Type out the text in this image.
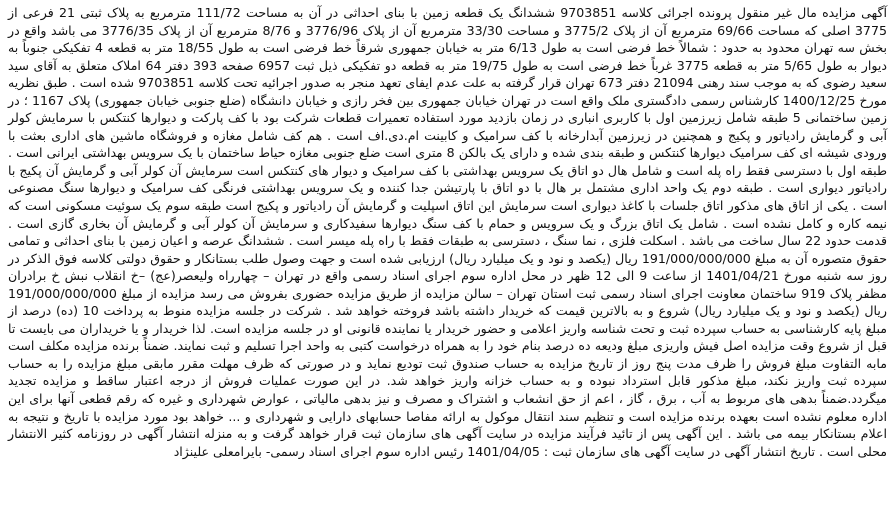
آگهی مزایده مال غیر منقول پرونده اجرائی کلاسه 9703851 ششدانگ یک قطعه زمین با بنای احداثی در آن به مساحت 111/72 مترمربع به پلاک ثبتی 21 فرعی از 3775 اصلی که مساحت 69/66 مترمربع آن از پلاک 3775/2 و مساحت 33/30 مترمربع آن از پلاک 3776/96 و 8/76 مترمربع آن از پلاک 3776/35 می باشد واقع در بخش سه تهران محدود به حدود : شمالاً خط فرضی است به طول 6/13 متر به خیابان جمهوری شرقاً خط فرضی است به طول 18/55 متر به قطعه 4 تفکیکی جنوباً به دیوار به طول 5/65 متر به قطعه 3775 غرباً خط فرضی است به طول 19/75 متر به قطعه دو تفکیکی ذیل ثبت 6957 صفحه 393 دفتر 64 املاک متعلق به آقای سید سعید رضوی که به موجب سند رهنی 21094 دفتر 673 تهران قرار گرفته به علت عدم ایفای تعهد منجر به صدور اجرائیه تحت کلاسه 9703851 شده است . طبق نظریه مورخ 1400/12/25 کارشناس رسمی دادگستری ملک واقع است در تهران خیابان جمهوری بین فخر رازی و خیابان دانشگاه (ضلع جنوبی خیابان جمهوری) پلاک 1167 ؛ در زمین ساختمانی 5 طبقه شامل زیرزمین اول با کاربری انباری در زمان بازدید مورد استفاده تعمیرات قطعات شرکت بود با کف پارکت و دیوارها کنتکس با سرمایش کولر آبی و گرمایش رادیاتور و پکیج و همچنین در زیرزمین آبدارخانه با کف سرامیک و کابینت ام.دی.اف است . هم کف شامل مغازه و فروشگاه ماشین های اداری بعثت با ورودی شیشه ای کف سرامیک دیوارها کنتکس و طبقه بندی شده و دارای یک بالکن 8 متری است ضلع جنوبی مغازه حیاط ساختمان با یک سرویس بهداشتی ایرانی است . طبقه اول با دسترسی فقط راه پله است و شامل هال دو اتاق یک سرویس بهداشتی با کف سرامیک و دیوار های کنتکس است سرمایش آن کولر آبی و گرمایش آن پکیج با رادیاتور دیواری است . طبقه دوم یک واحد اداری مشتمل بر هال با دو اتاق با پارتیشن جدا کننده و یک سرویس بهداشتی فرنگی کف سرامیک و دیوارها سنگ مصنوعی است . یکی از اتاق های مذکور اتاق جلسات با کاغذ دیواری است سرمایش این اتاق اسپلیت و گرمایش آن رادیاتور و پکیج است طبقه سوم یک سوئیت مسکونی است که نیمه کاره و کامل نشده است . شامل یک اتاق بزرگ و یک سرویس و حمام با کف سنگ دیوارها سفیدکاری و سرمایش آن کولر آبی و گرمایش آن بخاری گازی است . قدمت حدود 22 سال ساخت می باشد . اسکلت فلزی ، نما سنگ ، دسترسی به طبقات فقط با راه پله میسر است . ششدانگ عرصه و اعیان زمین با بنای احداثی و تمامی حقوق متصوره آن به مبلغ 191/000/000/000 ریال (یکصد و نود و یک میلیارد ریال) ارزیابی شده است و جهت وصول طلب بستانکار و حقوق دولتی کلاسه فوق الذکر در روز سه شنبه مورخ 1401/04/21 از ساعت 9 الی 12 ظهر در محل اداره سوم اجرای اسناد رسمی واقع در تهران – چهارراه ولیعصر(عج) –خ انقلاب نبش خ برادران مظفر پلاک 919 ساختمان معاونت اجرای اسناد رسمی ثبت استان تهران – سالن مزایده از طریق مزایده حضوری بفروش می رسد مزایده از مبلغ 191/000/000/000 ریال (یکصد و نود و یک میلیارد ریال) شروع و به بالاترین قیمت که خریدار داشته باشد فروخته خواهد شد . شرکت در جلسه مزایده منوط به پرداخت 10 (ده) درصد از مبلغ پایه کارشناسی به حساب سپرده ثبت و تحت شناسه واریز اعلامی و حضور خریدار یا نماینده قانونی او در جلسه مزایده است. لذا خریدار و یا خریداران می بایست تا قبل از شروع وقت مزایده اصل فیش واریزی مبلغ ودیعه ده درصد بنام خود را به همراه درخواست کتبی به واحد اجرا تسلیم و ثبت نمایند. ضمناً برنده مزایده مکلف است مابه التفاوت مبلغ فروش را ظرف مدت پنج روز از تاریخ مزایده به حساب صندوق ثبت تودیع نماید و در صورتی که ظرف مهلت مقرر مابقی مبلغ مزایده را به حساب سپرده ثبت واریز نکند، مبلغ مذکور قابل استرداد نبوده و به حساب خزانه واریز خواهد شد. در این صورت عملیات فروش از درجه اعتبار ساقط و مزایده تجدید میگردد.ضمناً بدهی های مربوط به آب ، برق ، گاز ، اعم از حق انشعاب و اشتراک و مصرف و نیز بدهی مالیاتی ، عوارض شهرداری و غیره که رقم قطعی آنها برای این اداره معلوم نشده است بعهده برنده مزایده است و تنظیم سند انتقال موکول به ارائه مفاصا حسابهای دارایی و شهرداری و ... خواهد بود مورد مزایده با تاریخ و نتیجه به اعلام بستانکار بیمه می باشد . این آگهی پس از تائید فرآیند مزایده در سایت آگهی های سازمان ثبت قرار خواهد گرفت و به منزله انتشار آگهی در روزنامه کثیر الانتشار محلی است . تاریخ انتشار آگهی در سایت آگهی های سازمان ثبت : 1401/04/05 رئیس اداره سوم اجرای اسناد رسمی- بایرامعلی علینژاد
